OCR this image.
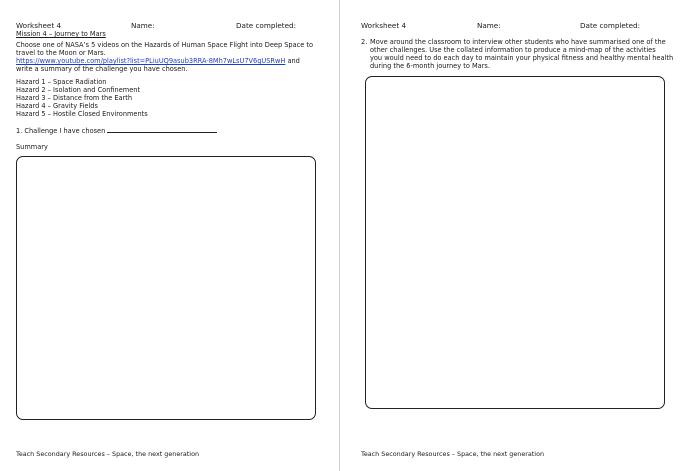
Worksheet 4	Name:	Date completed:
Mission 4 – Journey to Mars
Choose one of NASA’s 5 videos on the Hazards of Human Space Flight into Deep Space to
travel to the Moon or Mars.
https://www.youtube.com/playlist?list=PLiuUQ9asub3RRA-8Mh7wLsU7V6gUSRwH and
write a summary of the challenge you have chosen.
Hazard 1 – Space Radiation
Hazard 2 – Isolation and Confinement
Hazard 3 – Distance from the Earth
Hazard 4 – Gravity Fields
Hazard 5 – Hostile Closed Environments
1. Challenge I have chosen
Summary
Teach Secondary Resources – Space, the next generation
Worksheet 4	Name:	Date completed:
2. Move around the classroom to interview other students who have summarised one of the
other challenges. Use the collated information to produce a mind-map of the activities
you would need to do each day to maintain your physical fitness and healthy mental health
during the 6-month journey to Mars.
Teach Secondary Resources – Space, the next generation
